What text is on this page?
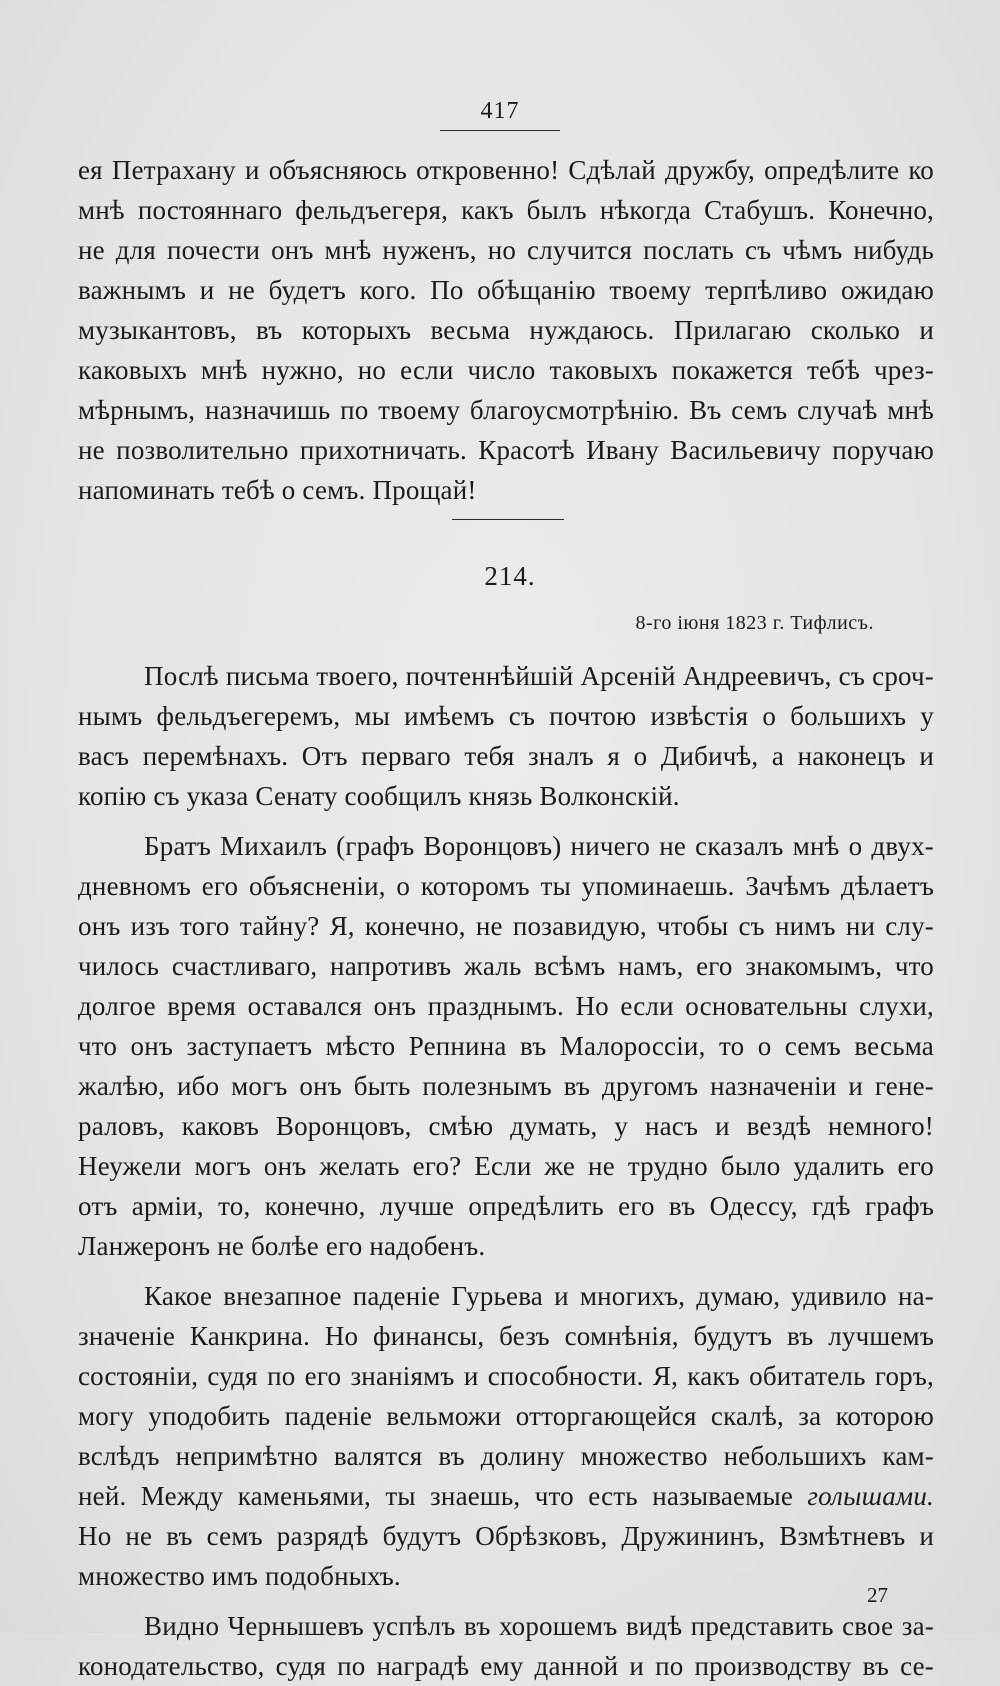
417
ея Петрахану и объясняюсь откровенно! Сдѣлай дружбу, опредѣлите ко
мнѣ постояннаго фельдъегеря, какъ былъ нѣкогда Стабушъ. Конечно,
не для почести онъ мнѣ нуженъ, но случится послать съ чѣмъ нибудь
важнымъ и не будетъ кого. По обѣщанію твоему терпѣливо ожидаю
музыкантовъ, въ которыхъ весьма нуждаюсь. Прилагаю сколько и
каковыхъ мнѣ нужно, но если число таковыхъ покажется тебѣ чрез-
мѣрнымъ, назначишь по твоему благоусмотрѣнію. Въ семъ случаѣ мнѣ
не позволительно прихотничать. Красотѣ Ивану Васильевичу поручаю
напоминать тебѣ о семъ. Прощай!
214.
8-го іюня 1823 г. Тифлисъ.
Послѣ письма твоего, почтеннѣйшій Арсеній Андреевичъ, съ сроч-
нымъ фельдъегеремъ, мы имѣемъ съ почтою извѣстія о большихъ у
васъ перемѣнахъ. Отъ перваго тебя зналъ я о Дибичѣ, а наконецъ и
копію съ указа Сенату сообщилъ князь Волконскій.
Братъ Михаилъ (графъ Воронцовъ) ничего не сказалъ мнѣ о двух-
дневномъ его объясненіи, о которомъ ты упоминаешь. Зачѣмъ дѣлаетъ
онъ изъ того тайну? Я, конечно, не позавидую, чтобы съ нимъ ни слу-
чилось счастливаго, напротивъ жаль всѣмъ намъ, его знакомымъ, что
долгое время оставался онъ празднымъ. Но если основательны слухи,
что онъ заступаетъ мѣсто Репнина въ Малороссіи, то о семъ весьма
жалѣю, ибо могъ онъ быть полезнымъ въ другомъ назначеніи и гене-
раловъ, каковъ Воронцовъ, смѣю думать, у насъ и вездѣ немного!
Неужели могъ онъ желать его? Если же не трудно было удалить его
отъ арміи, то, конечно, лучше опредѣлить его въ Одессу, гдѣ графъ
Ланжеронъ не болѣе его надобенъ.
Какое внезапное паденіе Гурьева и многихъ, думаю, удивило на-
значеніе Канкрина. Но финансы, безъ сомнѣнія, будутъ въ лучшемъ
состояніи, судя по его знаніямъ и способности. Я, какъ обитатель горъ,
могу уподобить паденіе вельможи отторгающейся скалѣ, за которою
вслѣдъ непримѣтно валятся въ долину множество небольшихъ кам-
ней. Между каменьями, ты знаешь, что есть называемые голышами.
Но не въ семъ разрядѣ будутъ Обрѣзковъ, Дружининъ, Взмѣтневъ и
множество имъ подобныхъ.
Видно Чернышевъ успѣлъ въ хорошемъ видѣ представить свое за-
конодательство, судя по наградѣ ему данной и по производству въ се-
27
